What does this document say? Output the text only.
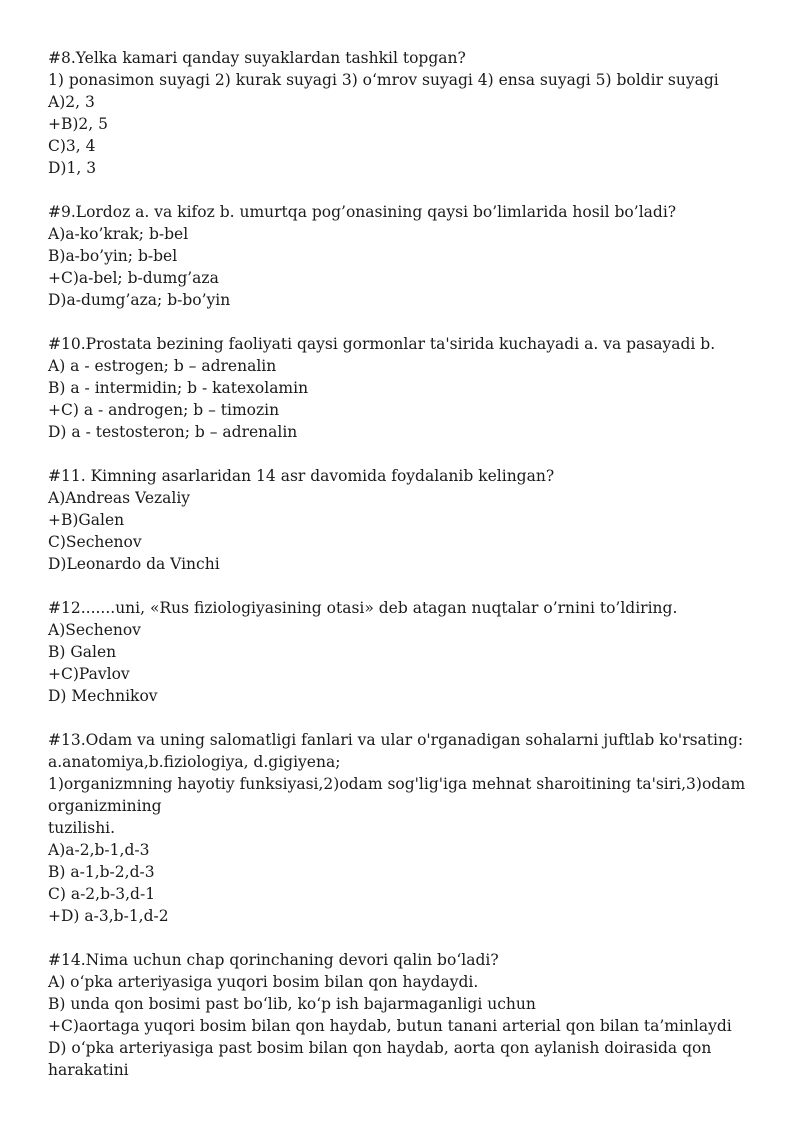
#8.Yelka kamari qanday suyaklardan tashkil topgan?
1) ponasimon suyagi 2) kurak suyagi 3) o‘mrov suyagi 4) ensa suyagi 5) boldir suyagi
A)2, 3
+B)2, 5
C)3, 4
D)1, 3
#9.Lordoz a. va kifoz b. umurtqa pog’onasining qaysi bo’limlarida hosil bo’ladi?
A)a-ko’krak; b-bel
B)a-bo’yin; b-bel
+C)a-bel; b-dumg’aza
D)a-dumg’aza; b-bo’yin
#10.Prostata bezining faoliyati qaysi gormonlar ta'sirida kuchayadi a. va pasayadi b.
A) a - estrogen; b – adrenalin
B) a - intermidin; b - katexolamin
+C) a - androgen; b – timozin
D) a - testosteron; b – adrenalin
#11. Kimning asarlaridan 14 asr davomida foydalanib kelingan?
A)Andreas Vezaliy
+B)Galen
C)Sechenov
D)Leonardo da Vinchi
#12.......uni, «Rus fiziologiyasining otasi» deb atagan nuqtalar o’rnini to’ldiring.
A)Sechenov
B) Galen
+C)Pavlov
D) Mechnikov
#13.Odam va uning salomatligi fanlari va ular o'rganadigan sohalarni juftlab ko'rsating:
a.anatomiya,b.fiziologiya, d.gigiyena;
1)organizmning hayotiy funksiyasi,2)odam sog'lig'iga mehnat sharoitining ta'siri,3)odam
organizmining
tuzilishi.
A)a-2,b-1,d-3
B) a-1,b-2,d-3
C) a-2,b-3,d-1
+D) a-3,b-1,d-2
#14.Nima uchun chap qorinchaning devori qalin bo‘ladi?
A) o‘pka arteriyasiga yuqori bosim bilan qon haydaydi.
B) unda qon bosimi past bo‘lib, ko‘p ish bajarmaganligi uchun
+C)aortaga yuqori bosim bilan qon haydab, butun tanani arterial qon bilan ta’minlaydi
D) o‘pka arteriyasiga past bosim bilan qon haydab, aorta qon aylanish doirasida qon
harakatini
